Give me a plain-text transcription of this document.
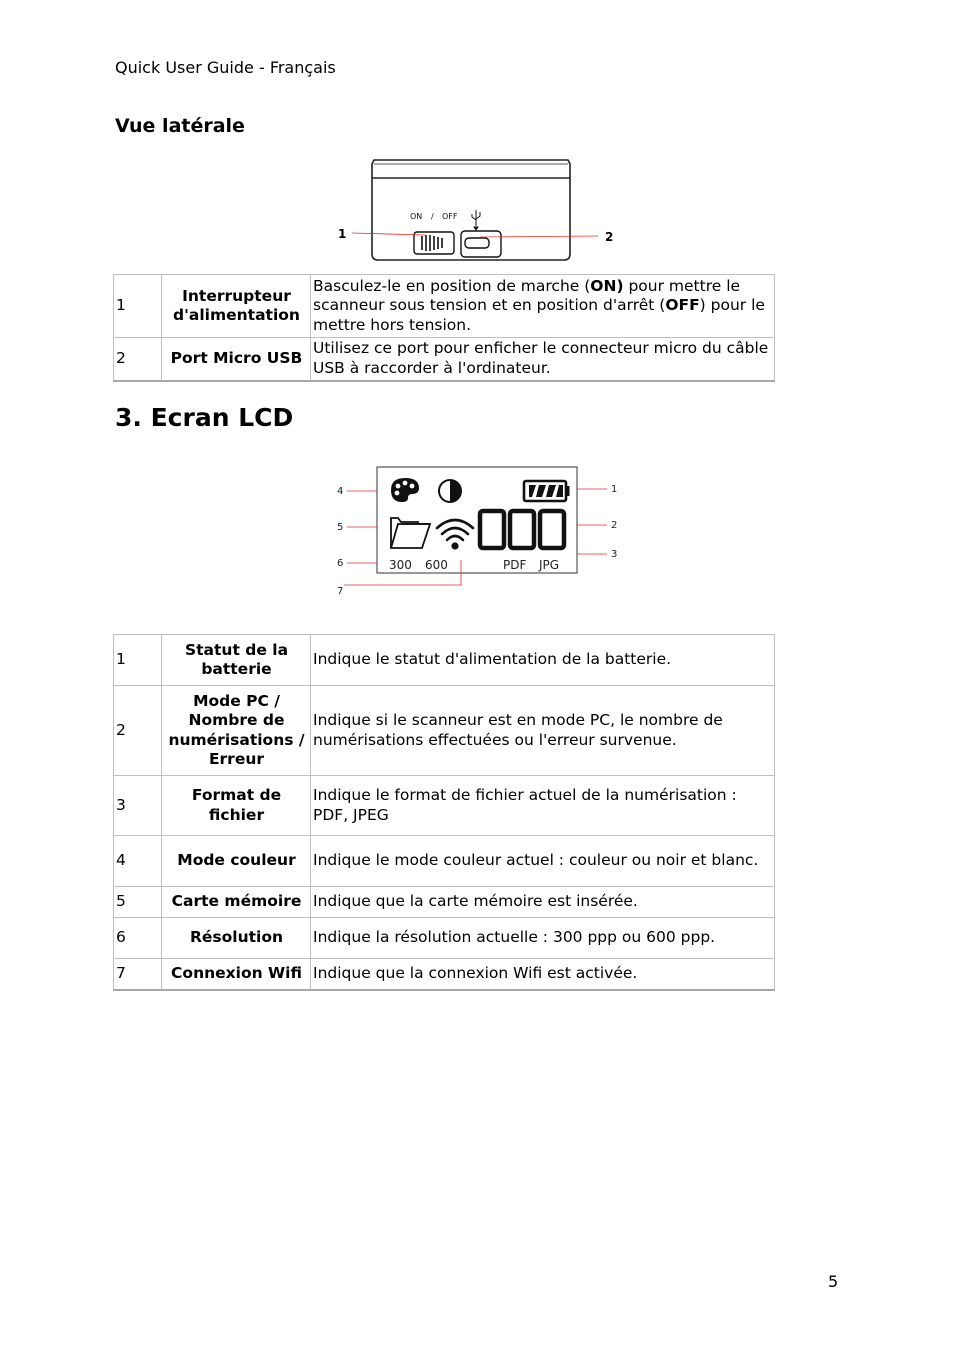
Quick User Guide - Français
Vue latérale
ON / OFF
1	2
1	Interrupteur d'alimentation	Basculez-le en position de marche (ON) pour mettre le scanneur sous tension et en position d'arrêt (OFF) pour le mettre hors tension.
2	Port Micro USB	Utilisez ce port pour enficher le connecteur micro du câble USB à raccorder à l'ordinateur.
3. Ecran LCD
300 600	PDF JPG
4
5
6
7
1
2
3
1	Statut de la batterie	Indique le statut d'alimentation de la batterie.
2	Mode PC / Nombre de numérisations / Erreur	Indique si le scanneur est en mode PC, le nombre de numérisations effectuées ou l'erreur survenue.
3	Format de fichier	Indique le format de fichier actuel de la numérisation : PDF, JPEG
4	Mode couleur	Indique le mode couleur actuel : couleur ou noir et blanc.
5	Carte mémoire	Indique que la carte mémoire est insérée.
6	Résolution	Indique la résolution actuelle : 300 ppp ou 600 ppp.
7	Connexion Wifi	Indique que la connexion Wifi est activée.
5
